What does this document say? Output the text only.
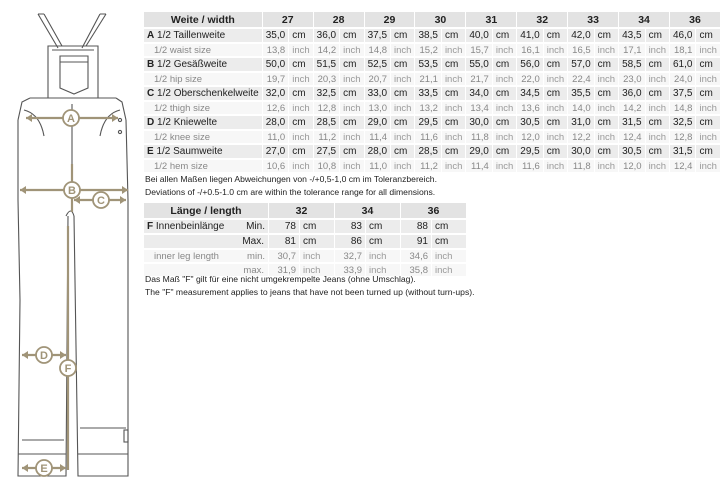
A
B
C
D
E
F
Weite / width	27		28		29		30		31		32		33		34		36	
A 1/2 Taillenweite	35,0	cm	36,0	cm	37,5	cm	38,5	cm	40,0	cm	41,0	cm	42,0	cm	43,5	cm	46,0	cm
1/2 waist size	13,8	inch	14,2	inch	14,8	inch	15,2	inch	15,7	inch	16,1	inch	16,5	inch	17,1	inch	18,1	inch
B 1/2 Gesäßweite	50,0	cm	51,5	cm	52,5	cm	53,5	cm	55,0	cm	56,0	cm	57,0	cm	58,5	cm	61,0	cm
1/2 hip size	19,7	inch	20,3	inch	20,7	inch	21,1	inch	21,7	inch	22,0	inch	22,4	inch	23,0	inch	24,0	inch
C 1/2 Oberschenkelweite	32,0	cm	32,5	cm	33,0	cm	33,5	cm	34,0	cm	34,5	cm	35,5	cm	36,0	cm	37,5	cm
1/2 thigh size	12,6	inch	12,8	inch	13,0	inch	13,2	inch	13,4	inch	13,6	inch	14,0	inch	14,2	inch	14,8	inch
D 1/2 Kniewelte	28,0	cm	28,5	cm	29,0	cm	29,5	cm	30,0	cm	30,5	cm	31,0	cm	31,5	cm	32,5	cm
1/2 knee size	11,0	inch	11,2	inch	11,4	inch	11,6	inch	11,8	inch	12,0	inch	12,2	inch	12,4	inch	12,8	inch
E 1/2 Saumweite	27,0	cm	27,5	cm	28,0	cm	28,5	cm	29,0	cm	29,5	cm	30,0	cm	30,5	cm	31,5	cm
1/2 hem size	10,6	inch	10,8	inch	11,0	inch	11,2	inch	11,4	inch	11,6	inch	11,8	inch	12,0	inch	12,4	inch
Bei allen Maßen liegen Abweichungen von -/+0,5-1,0 cm im Toleranzbereich.
Deviations of -/+0.5-1.0 cm are within the tolerance range for all dimensions.
Länge / length	32		34		36	
F Innenbeinlänge Min.	78	cm	83	cm	88	cm
Max.	81	cm	86	cm	91	cm
inner leg length min.	30,7	inch	32,7	inch	34,6	inch
max.	31,9	inch	33,9	inch	35,8	inch
Das Maß "F" gilt für eine nicht umgekrempelte Jeans (ohne Umschlag).
The "F" measurement applies to jeans that have not been turned up (without turn-ups).
